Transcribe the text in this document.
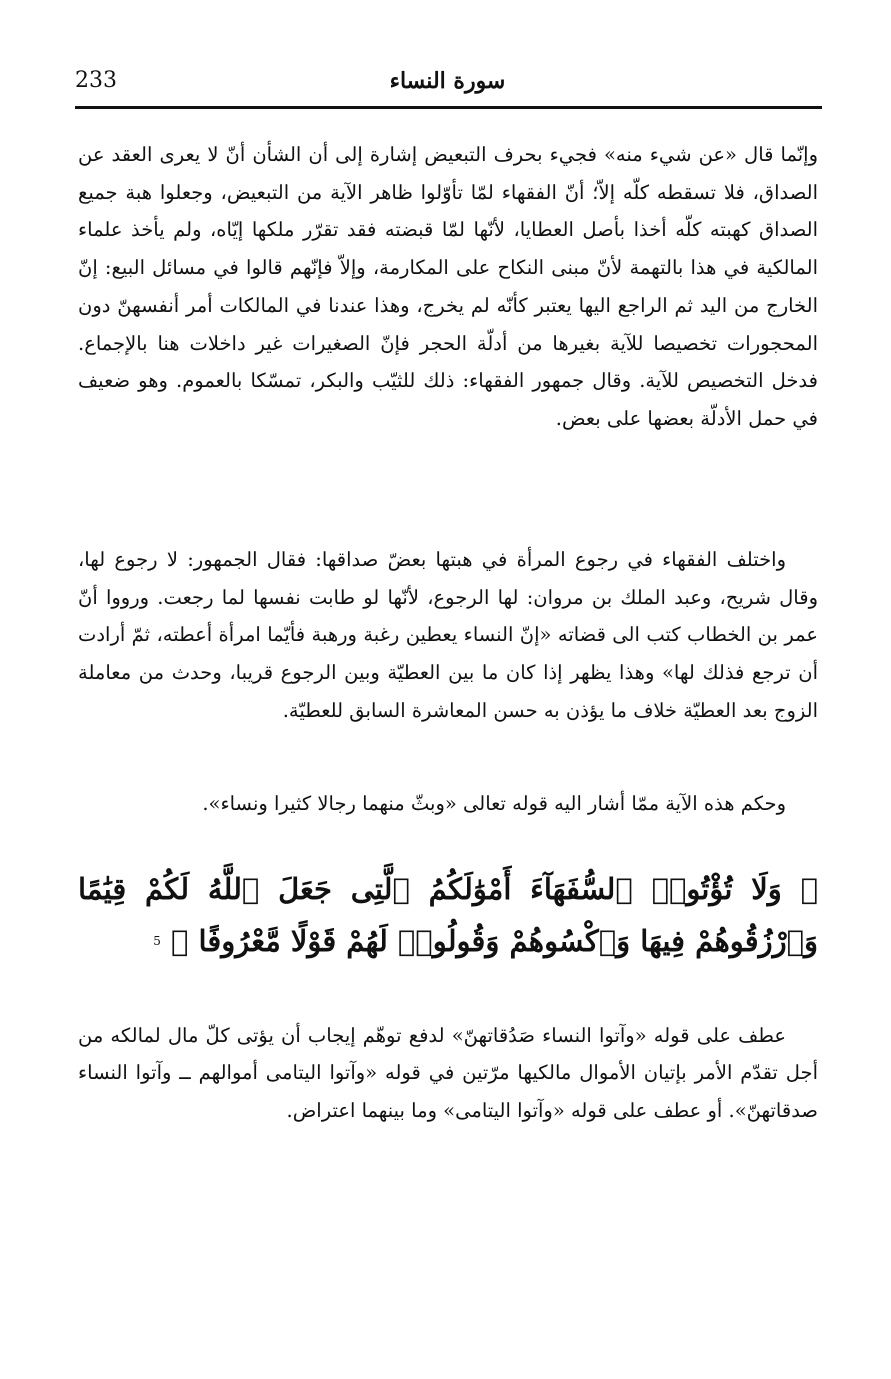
233	سورة النساء

وإنّما قال «عن شيء منه» فجيء بحرف التبعيض إشارة إلى أن الشأن أنّ لا يعرى العقد عن الصداق، فلا تسقطه كلّه إلاّ؛ أنّ الفقهاء لمّا تأوّلوا ظاهر الآية من التبعيض، وجعلوا هبة جميع الصداق كهبته كلّه أخذا بأصل العطايا، لأنّها لمّا قبضته فقد تقرّر ملكها إيّاه، ولم يأخذ علماء المالكية في هذا بالتهمة لأنّ مبنى النكاح على المكارمة، وإلاّ فإنّهم قالوا في مسائل البيع: إنّ الخارج من اليد ثم الراجع اليها يعتبر كأنّه لم يخرج، وهذا عندنا في المالكات أمر أنفسهنّ دون المحجورات تخصيصا للآية بغيرها من أدلّة الحجر فإنّ الصغيرات غير داخلات هنا بالإجماع. فدخل التخصيص للآية. وقال جمهور الفقهاء: ذلك للثيّب والبكر، تمسّكا بالعموم. وهو ضعيف في حمل الأدلّة بعضها على بعض.

واختلف الفقهاء في رجوع المرأة في هبتها بعضّ صداقها: فقال الجمهور: لا رجوع لها، وقال شريح، وعبد الملك بن مروان: لها الرجوع، لأنّها لو طابت نفسها لما رجعت. ورووا أنّ عمر بن الخطاب كتب الى قضاته «إنّ النساء يعطين رغبة ورهبة فأيّما امرأة أعطته، ثمّ أرادت أن ترجع فذلك لها» وهذا يظهر إذا كان ما بين العطيّة وبين الرجوع قريبا، وحدث من معاملة الزوج بعد العطيّة خلاف ما يؤذن به حسن المعاشرة السابق للعطيّة.

وحكم هذه الآية ممّا أشار اليه قوله تعالى «وبثّ منهما رجالا كثيرا ونساء».

﴿ وَلَا تُؤْتُوا۟ ٱلسُّفَهَآءَ أَمْوَٰلَكُمُ ٱلَّتِى جَعَلَ ٱللَّهُ لَكُمْ قِيَٰمًا وَٱرْزُقُوهُمْ فِيهَا وَٱكْسُوهُمْ وَقُولُوا۟ لَهُمْ قَوْلًا مَّعْرُوفًا ﴾ $^5$

عطف على قوله «وآتوا النساء صَدُقاتهنّ» لدفع توهّم إيجاب أن يؤتى كلّ مال لمالكه من أجل تقدّم الأمر بإتيان الأموال مالكيها مرّتين في قوله «وآتوا اليتامى أموالهم ــ وآتوا النساء صدقاتهنّ». أو عطف على قوله «وآتوا اليتامى» وما بينهما اعتراض.
